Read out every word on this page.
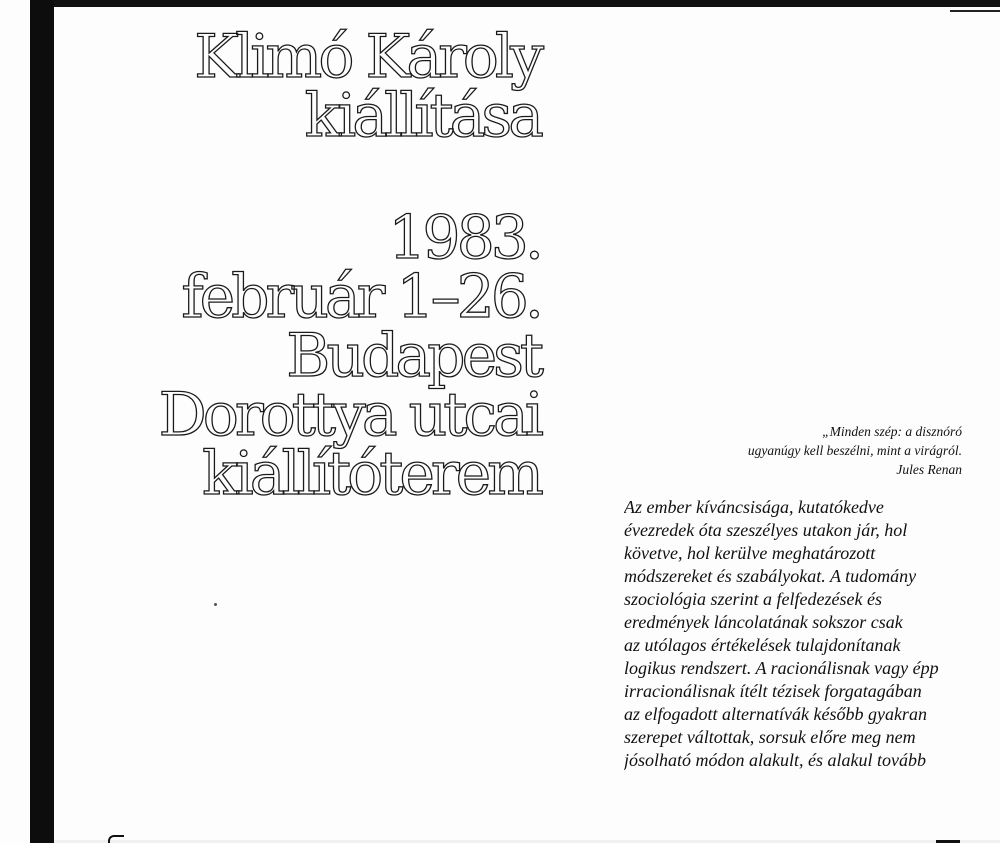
Klimó Károly
kiállítása
1983.
február 1–26.
Budapest
Dorottya utcai
kiállítóterem
„Minden szép: a disznóró
ugyanúgy kell beszélni, mint a virágról.
Jules Renan
Az ember kíváncsisága, kutatókedve
évezredek óta szeszélyes utakon jár, hol
követve, hol kerülve meghatározott
módszereket és szabályokat. A tudomány
szociológia szerint a felfedezések és
eredmények láncolatának sokszor csak
az utólagos értékelések tulajdonítanak
logikus rendszert. A racionálisnak vagy épp
irracionálisnak ítélt tézisek forgatagában
az elfogadott alternatívák később gyakran
szerepet váltottak, sorsuk előre meg nem
jósolható módon alakult, és alakul tovább
